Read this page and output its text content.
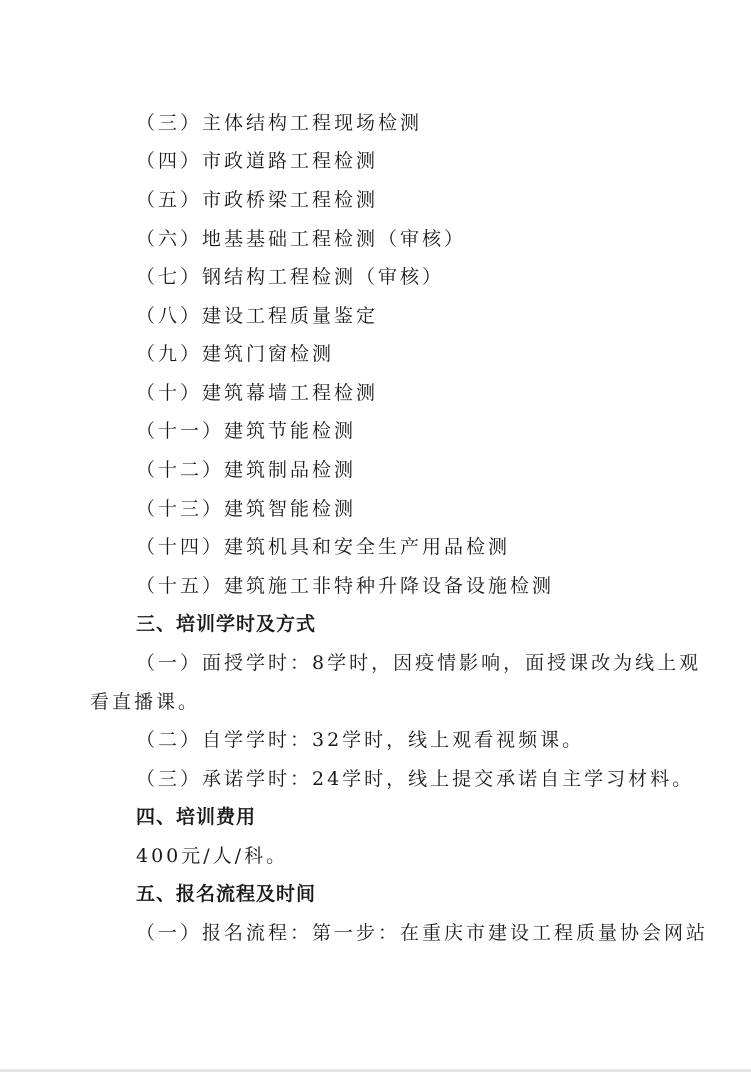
（三）主体结构工程现场检测
（四）市政道路工程检测
（五）市政桥梁工程检测
（六）地基基础工程检测（审核）
（七）钢结构工程检测（审核）
（八）建设工程质量鉴定
（九）建筑门窗检测
（十）建筑幕墙工程检测
（十一）建筑节能检测
（十二）建筑制品检测
（十三）建筑智能检测
（十四）建筑机具和安全生产用品检测
（十五）建筑施工非特种升降设备设施检测
三、培训学时及方式
（一）面授学时：8学时，因疫情影响，面授课改为线上观
看直播课。
（二）自学学时：32学时，线上观看视频课。
（三）承诺学时：24学时，线上提交承诺自主学习材料。
四、培训费用
400元/人/科。
五、报名流程及时间
（一）报名流程：第一步：在重庆市建设工程质量协会网站
